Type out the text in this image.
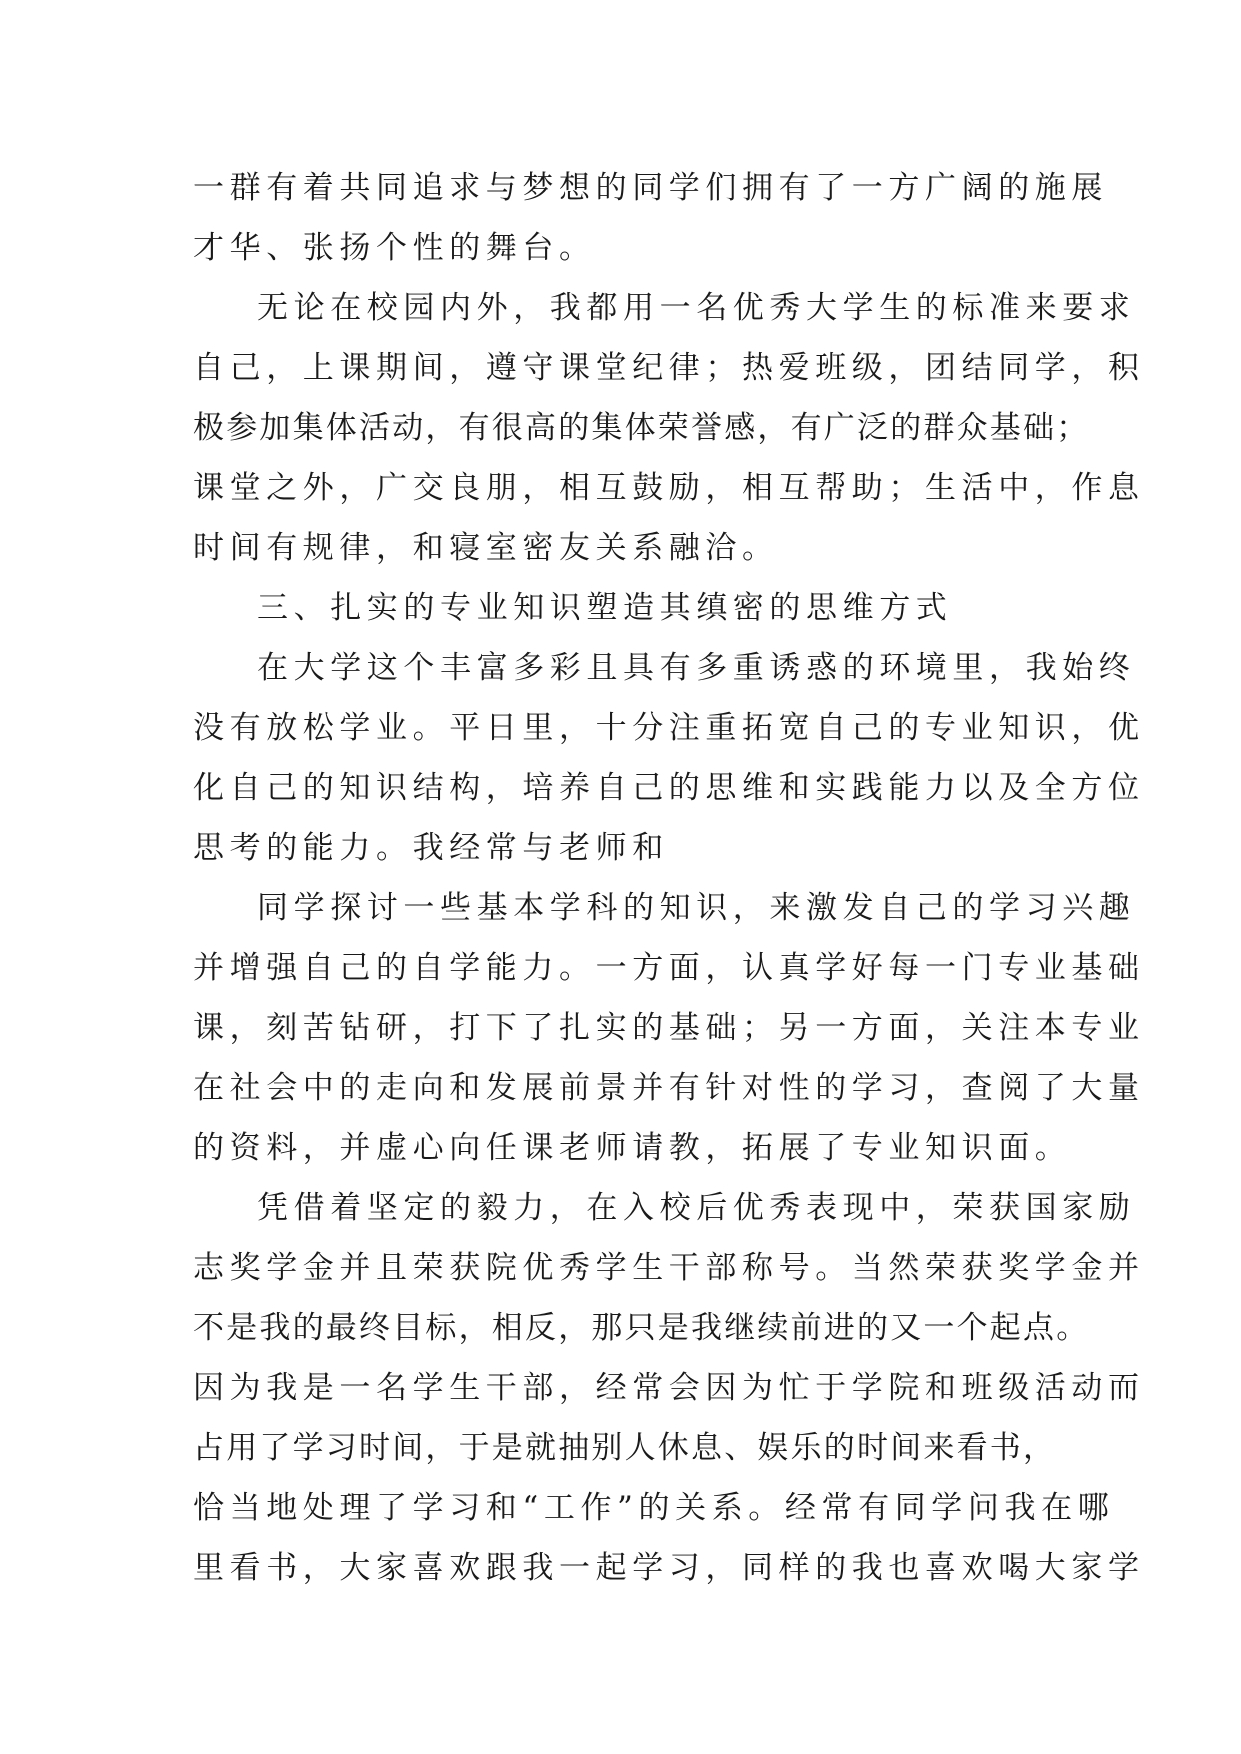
一群有着共同追求与梦想的同学们拥有了一方广阔的施展
才华、张扬个性的舞台。
无论在校园内外，我都用一名优秀大学生的标准来要求
自己，上课期间，遵守课堂纪律；热爱班级，团结同学，积
极参加集体活动，有很高的集体荣誉感，有广泛的群众基础；
课堂之外，广交良朋，相互鼓励，相互帮助；生活中，作息
时间有规律，和寝室密友关系融洽。
三、扎实的专业知识塑造其缜密的思维方式
在大学这个丰富多彩且具有多重诱惑的环境里，我始终
没有放松学业。平日里，十分注重拓宽自己的专业知识，优
化自己的知识结构，培养自己的思维和实践能力以及全方位
思考的能力。我经常与老师和
同学探讨一些基本学科的知识，来激发自己的学习兴趣
并增强自己的自学能力。一方面，认真学好每一门专业基础
课，刻苦钻研，打下了扎实的基础；另一方面，关注本专业
在社会中的走向和发展前景并有针对性的学习，查阅了大量
的资料，并虚心向任课老师请教，拓展了专业知识面。
凭借着坚定的毅力，在入校后优秀表现中，荣获国家励
志奖学金并且荣获院优秀学生干部称号。当然荣获奖学金并
不是我的最终目标，相反，那只是我继续前进的又一个起点。
因为我是一名学生干部，经常会因为忙于学院和班级活动而
占用了学习时间，于是就抽别人休息、娱乐的时间来看书，
恰当地处理了学习和“工作”的关系。经常有同学问我在哪
里看书，大家喜欢跟我一起学习，同样的我也喜欢喝大家学
